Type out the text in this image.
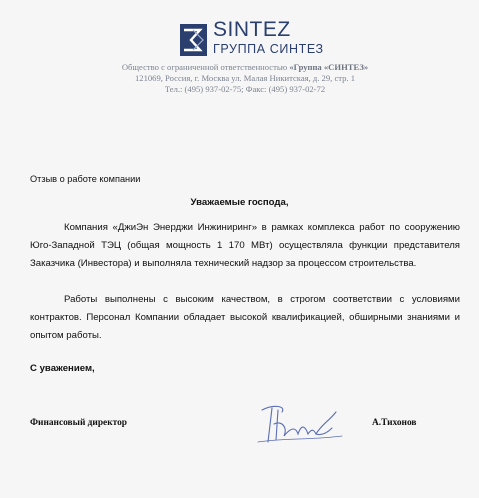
SINTEZ
ГРУППА СИНТЕЗ
Общество с ограниченной ответственностью «Группа «СИНТЕЗ»
121069, Россия, г. Москва ул. Малая Никитская, д. 29, стр. 1
Тел.: (495) 937-02-75; Факс: (495) 937-02-72
Отзыв о работе компании
Уважаемые господа,
Компания «ДжиЭн Энерджи Инжиниринг» в рамках комплекса работ по сооружению Юго-Западной ТЭЦ (общая мощность 1 170 МВт) осуществляла функции представителя Заказчика (Инвестора) и выполняла технический надзор за процессом строительства.
Работы выполнены с высоким качеством, в строгом соответствии с условиями контрактов. Персонал Компании обладает высокой квалификацией, обширными знаниями и опытом работы.
С уважением,
Финансовый директор	А.Тихонов
